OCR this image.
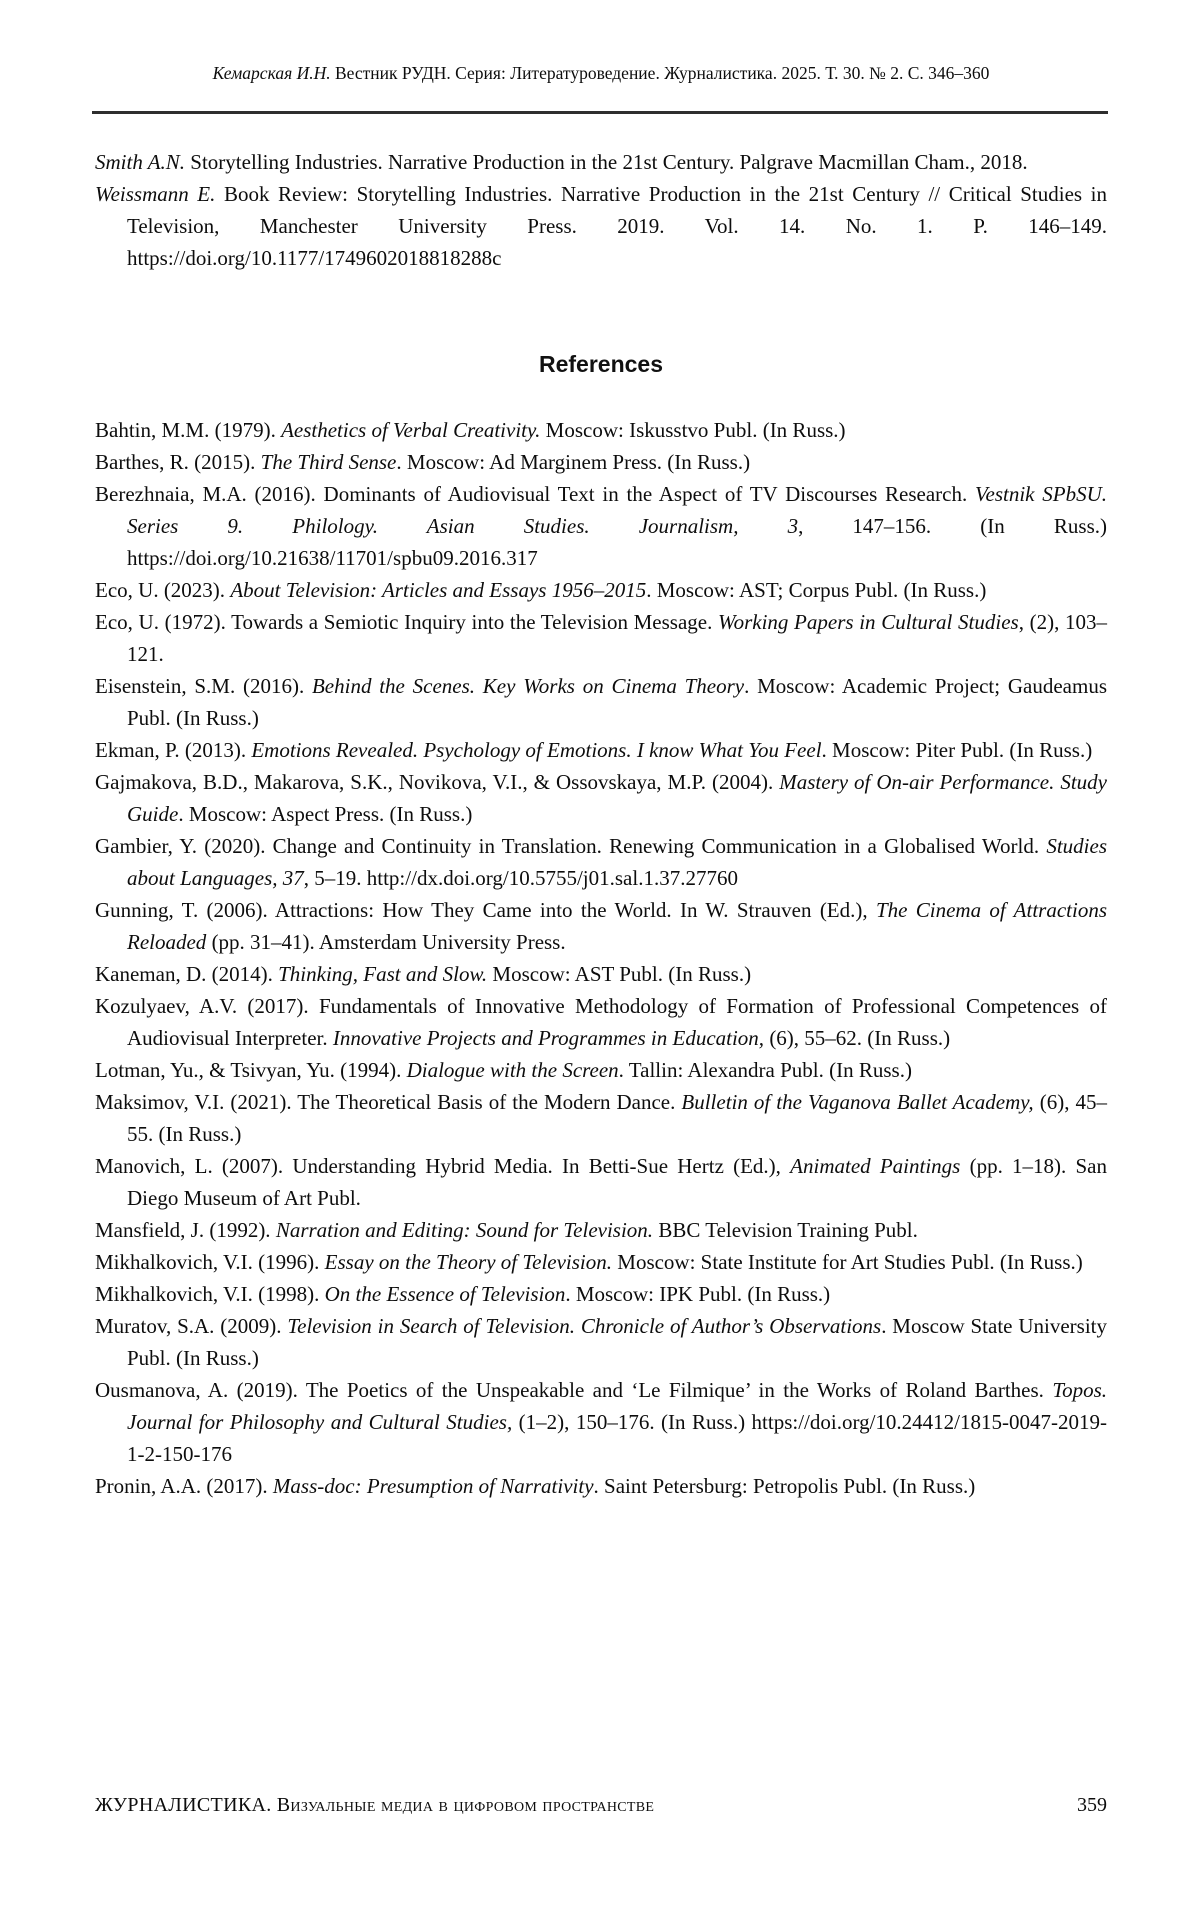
Кемарская И.Н. Вестник РУДН. Серия: Литературоведение. Журналистика. 2025. Т. 30. № 2. С. 346–360
Smith A.N. Storytelling Industries. Narrative Production in the 21st Century. Palgrave Macmillan Cham., 2018.
Weissmann E. Book Review: Storytelling Industries. Narrative Production in the 21st Century // Critical Studies in Television, Manchester University Press. 2019. Vol. 14. No. 1. P. 146–149. https://doi.org/10.1177/1749602018818288c
References
Bahtin, M.M. (1979). Aesthetics of Verbal Creativity. Moscow: Iskusstvo Publ. (In Russ.)
Barthes, R. (2015). The Third Sense. Moscow: Ad Marginem Press. (In Russ.)
Berezhnaia, M.A. (2016). Dominants of Audiovisual Text in the Aspect of TV Discourses Research. Vestnik SPbSU. Series 9. Philology. Asian Studies. Journalism, 3, 147–156. (In Russ.) https://doi.org/10.21638/11701/spbu09.2016.317
Eco, U. (2023). About Television: Articles and Essays 1956–2015. Moscow: AST; Corpus Publ. (In Russ.)
Eco, U. (1972). Towards a Semiotic Inquiry into the Television Message. Working Papers in Cultural Studies, (2), 103–121.
Eisenstein, S.M. (2016). Behind the Scenes. Key Works on Cinema Theory. Moscow: Academic Project; Gaudeamus Publ. (In Russ.)
Ekman, P. (2013). Emotions Revealed. Psychology of Emotions. I know What You Feel. Moscow: Piter Publ. (In Russ.)
Gajmakova, B.D., Makarova, S.K., Novikova, V.I., & Ossovskaya, M.P. (2004). Mastery of On-air Performance. Study Guide. Moscow: Aspect Press. (In Russ.)
Gambier, Y. (2020). Change and Continuity in Translation. Renewing Communication in a Globalised World. Studies about Languages, 37, 5–19. http://dx.doi.org/10.5755/j01.sal.1.37.27760
Gunning, T. (2006). Attractions: How They Came into the World. In W. Strauven (Ed.), The Cinema of Attractions Reloaded (pp. 31–41). Amsterdam University Press.
Kaneman, D. (2014). Thinking, Fast and Slow. Moscow: AST Publ. (In Russ.)
Kozulyaev, A.V. (2017). Fundamentals of Innovative Methodology of Formation of Professional Competences of Audiovisual Interpreter. Innovative Projects and Programmes in Education, (6), 55–62. (In Russ.)
Lotman, Yu., & Tsivyan, Yu. (1994). Dialogue with the Screen. Tallin: Alexandra Publ. (In Russ.)
Maksimov, V.I. (2021). The Theoretical Basis of the Modern Dance. Bulletin of the Vaganova Ballet Academy, (6), 45–55. (In Russ.)
Manovich, L. (2007). Understanding Hybrid Media. In Betti-Sue Hertz (Ed.), Animated Paintings (pp. 1–18). San Diego Museum of Art Publ.
Mansfield, J. (1992). Narration and Editing: Sound for Television. BBC Television Training Publ.
Mikhalkovich, V.I. (1996). Essay on the Theory of Television. Moscow: State Institute for Art Studies Publ. (In Russ.)
Mikhalkovich, V.I. (1998). On the Essence of Television. Moscow: IPK Publ. (In Russ.)
Muratov, S.A. (2009). Television in Search of Television. Chronicle of Author’s Observations. Moscow State University Publ. (In Russ.)
Ousmanova, A. (2019). The Poetics of the Unspeakable and ‘Le Filmique’ in the Works of Roland Barthes. Topos. Journal for Philosophy and Cultural Studies, (1–2), 150–176. (In Russ.) https://doi.org/10.24412/1815-0047-2019-1-2-150-176
Pronin, A.A. (2017). Mass-doc: Presumption of Narrativity. Saint Petersburg: Petropolis Publ. (In Russ.)
ЖУРНАЛИСТИКА. Визуальные медиа в цифровом пространстве	359
